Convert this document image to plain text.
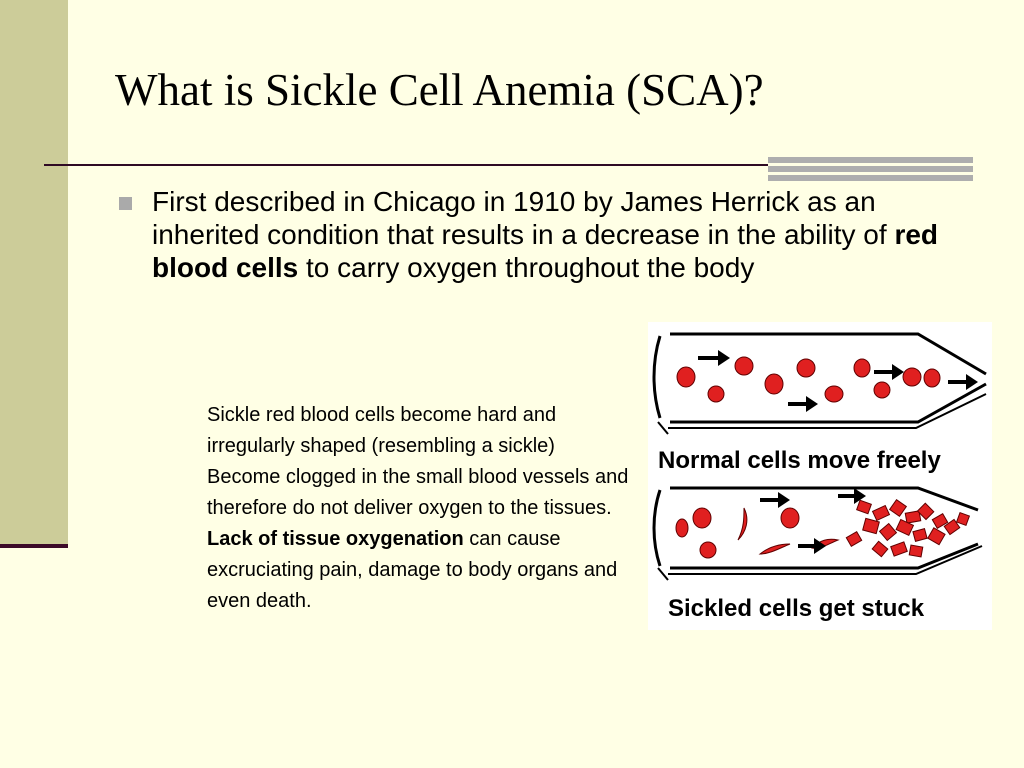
What is Sickle Cell Anemia (SCA)?
First described in Chicago in 1910 by James Herrick as an inherited condition that results in a decrease in the ability of red blood cells to carry oxygen throughout the body

Sickle red blood cells become hard and irregularly shaped (resembling a sickle)

Become clogged in the small blood vessels and therefore do not deliver oxygen to the tissues.

Lack of tissue oxygenation can cause excruciating pain, damage to body organs and even death.

Normal cells move freely
Sickled cells get stuck
